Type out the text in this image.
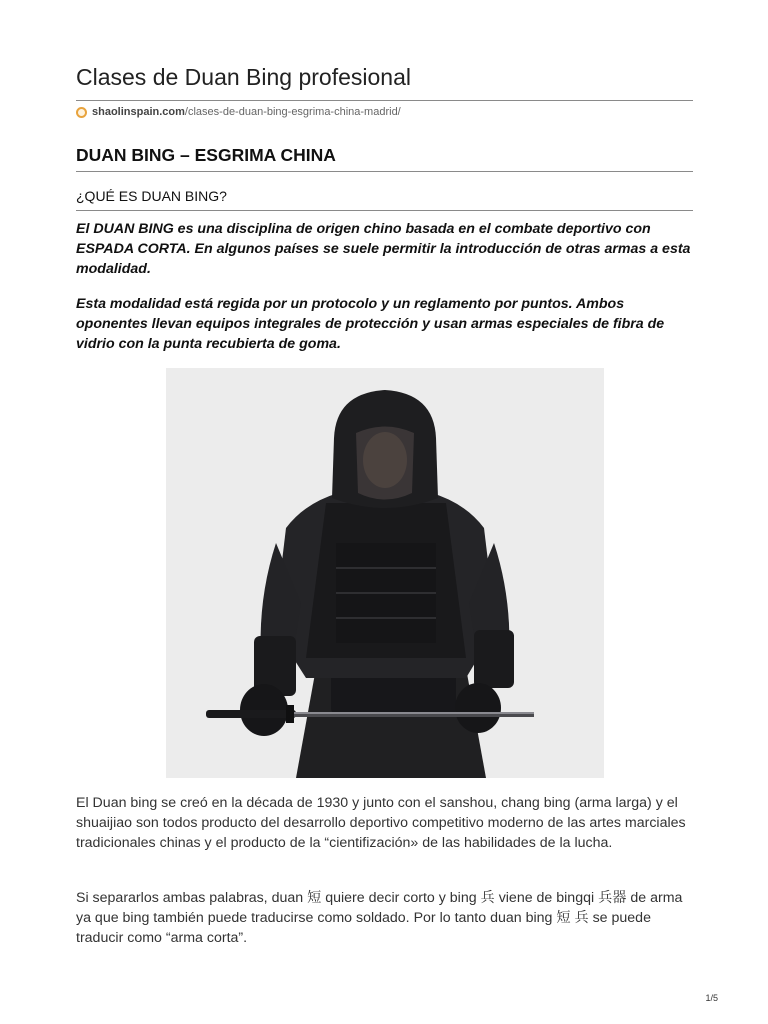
Clases de Duan Bing profesional
shaolinspain.com /clases-de-duan-bing-esgrima-china-madrid/
DUAN BING – ESGRIMA CHINA
¿QUÉ ES DUAN BING?

El DUAN BING es una disciplina de origen chino basada en el combate deportivo con ESPADA CORTA. En algunos países se suele permitir la introducción de otras armas a esta modalidad.

Esta modalidad está regida por un protocolo y un reglamento por puntos. Ambos oponentes llevan equipos integrales de protección y usan armas especiales de fibra de vidrio con la punta recubierta de goma.

El Duan bing se creó en la década de 1930 y junto con el sanshou, chang bing (arma larga) y el shuaijiao son todos producto del desarrollo deportivo competitivo moderno de las artes marciales tradicionales chinas y el producto de la “cientifización» de las habilidades de la lucha.

Si separarlos ambas palabras, duan 短 quiere decir corto y bing 兵 viene de bingqi 兵器 de arma ya que bing también puede traducirse como soldado. Por lo tanto duan bing 短 兵 se puede traducir como “arma corta”.

1/5
